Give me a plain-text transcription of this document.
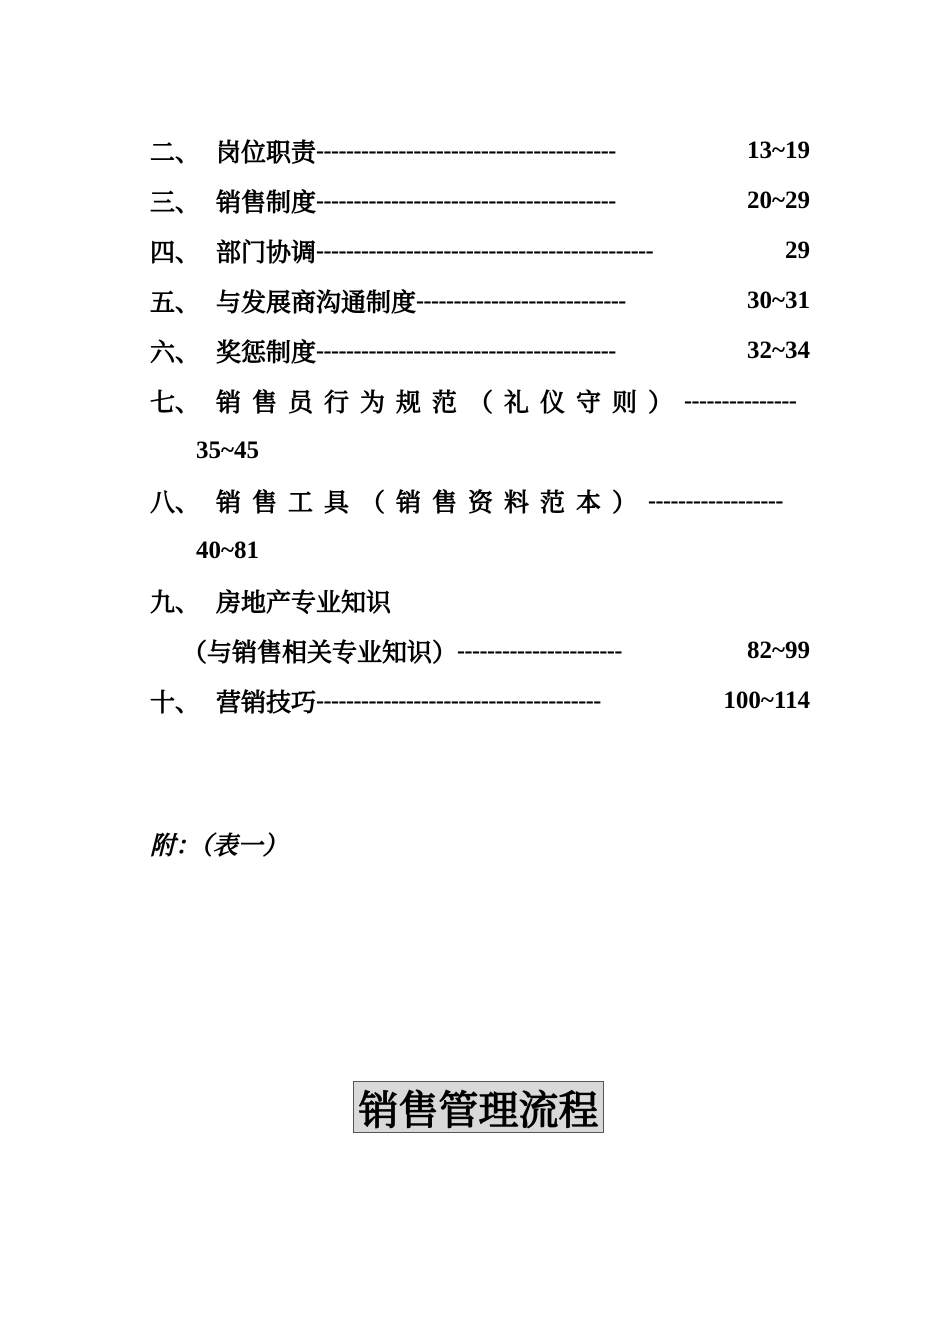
二、 岗位职责 ----------------------------------------	13~19
三、 销售制度 ----------------------------------------	20~29
四、 部门协调 ---------------------------------------------	29
五、 与发展商沟通制度 ----------------------------	30~31
六、 奖惩制度 ----------------------------------------	32~34
七、 销售员行为规范（礼仪守则） ---------------
35~45
八、 销售工具（销售资料范本） ------------------
40~81
九、 房地产专业知识
（与销售相关专业知识） ----------------------	82~99
十、 营销技巧 --------------------------------------	100~114
附：（表一）
销售管理流程
